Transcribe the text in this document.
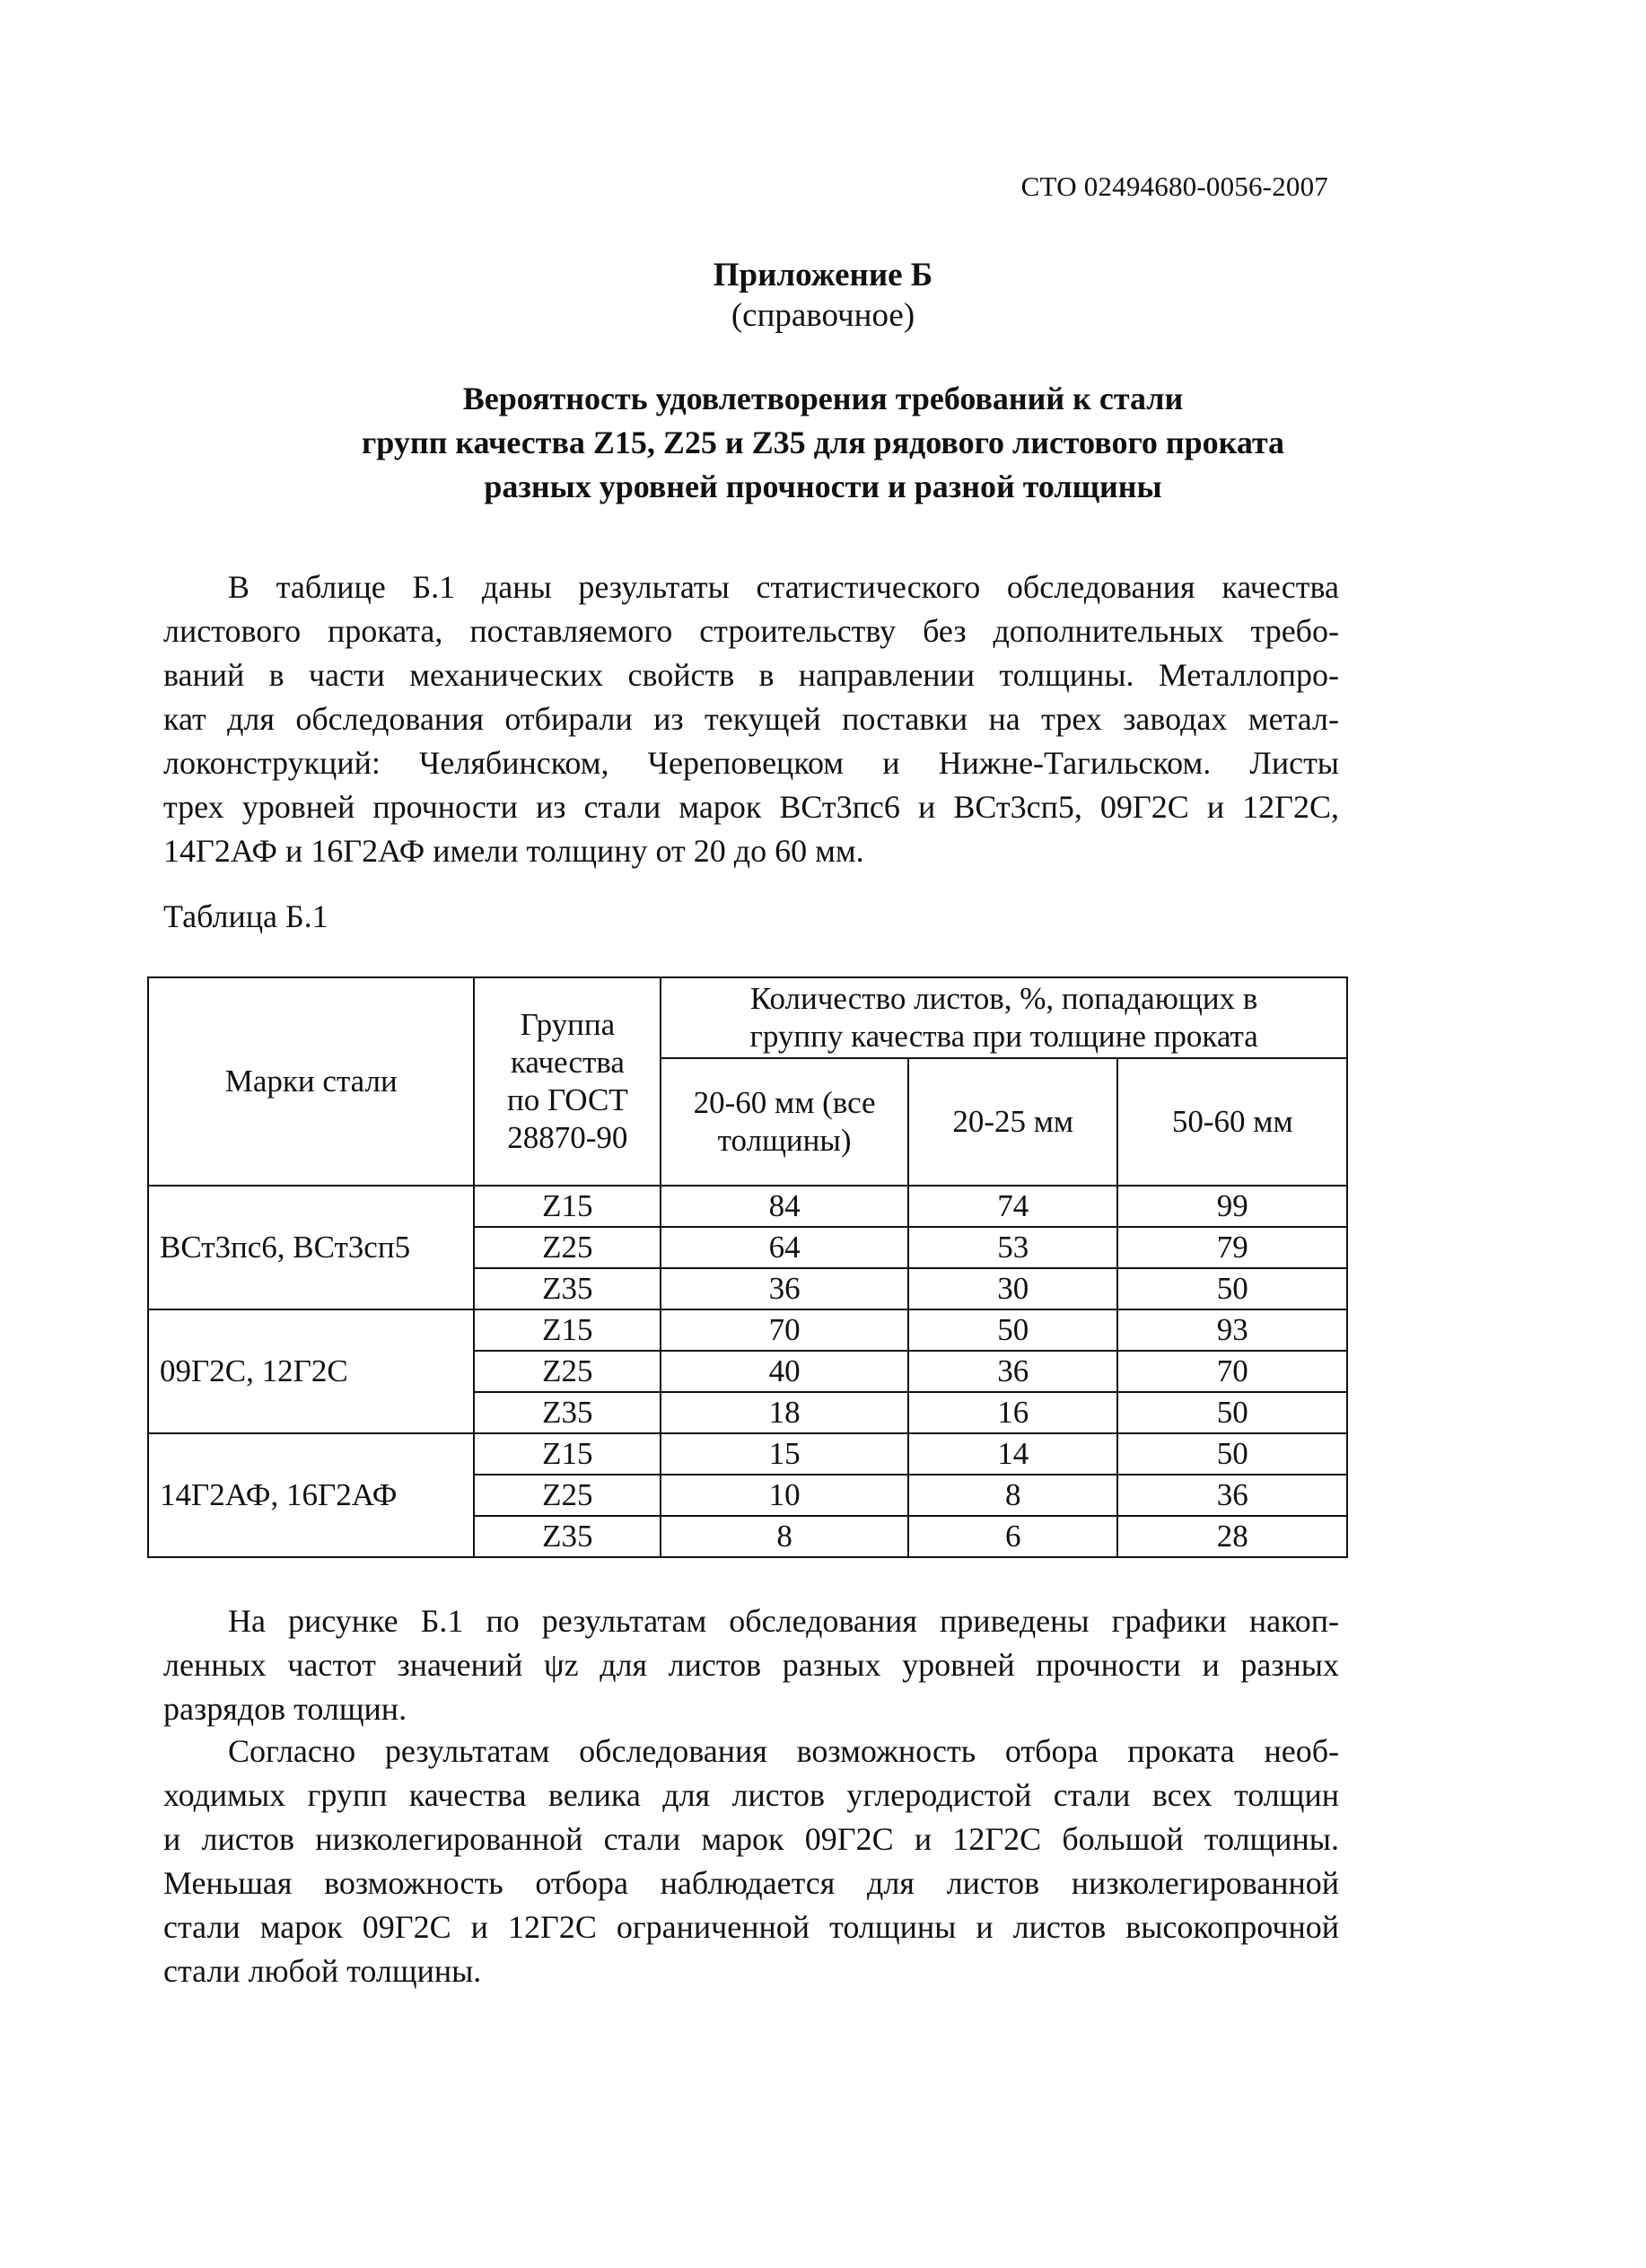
СТО 02494680-0056-2007
Приложение Б
(справочное)
Вероятность удовлетворения требований к стали
групп качества Z15, Z25 и Z35 для рядового листового проката
разных уровней прочности и разной толщины
В таблице Б.1 даны результаты статистического обследования качества
листового проката, поставляемого строительству без дополнительных требо-
ваний в части механических свойств в направлении толщины. Металлопро-
кат для обследования отбирали из текущей поставки на трех заводах метал-
локонструкций: Челябинском, Череповецком и Нижне-Тагильском. Листы
трех уровней прочности из стали марок ВСт3пс6 и ВСт3сп5, 09Г2С и 12Г2С,
14Г2АФ и 16Г2АФ имели толщину от 20 до 60 мм.
Таблица Б.1
Марки стали	Группа
качества
по ГОСТ
28870-90	Количество листов, %, попадающих в
группу качества при толщине проката		
		20-60 мм (все
толщины)	20-25 мм	50-60 мм
ВСт3пс6, ВСт3сп5	Z15	84	74	99
	Z25	64	53	79
	Z35	36	30	50
09Г2С, 12Г2С	Z15	70	50	93
	Z25	40	36	70
	Z35	18	16	50
14Г2АФ, 16Г2АФ	Z15	15	14	50
	Z25	10	8	36
	Z35	8	6	28
На рисунке Б.1 по результатам обследования приведены графики накоп-
ленных частот значений ψz для листов разных уровней прочности и разных
разрядов толщин.
Согласно результатам обследования возможность отбора проката необ-
ходимых групп качества велика для листов углеродистой стали всех толщин
и листов низколегированной стали марок 09Г2С и 12Г2С большой толщины.
Меньшая возможность отбора наблюдается для листов низколегированной
стали марок 09Г2С и 12Г2С ограниченной толщины и листов высокопрочной
стали любой толщины.
